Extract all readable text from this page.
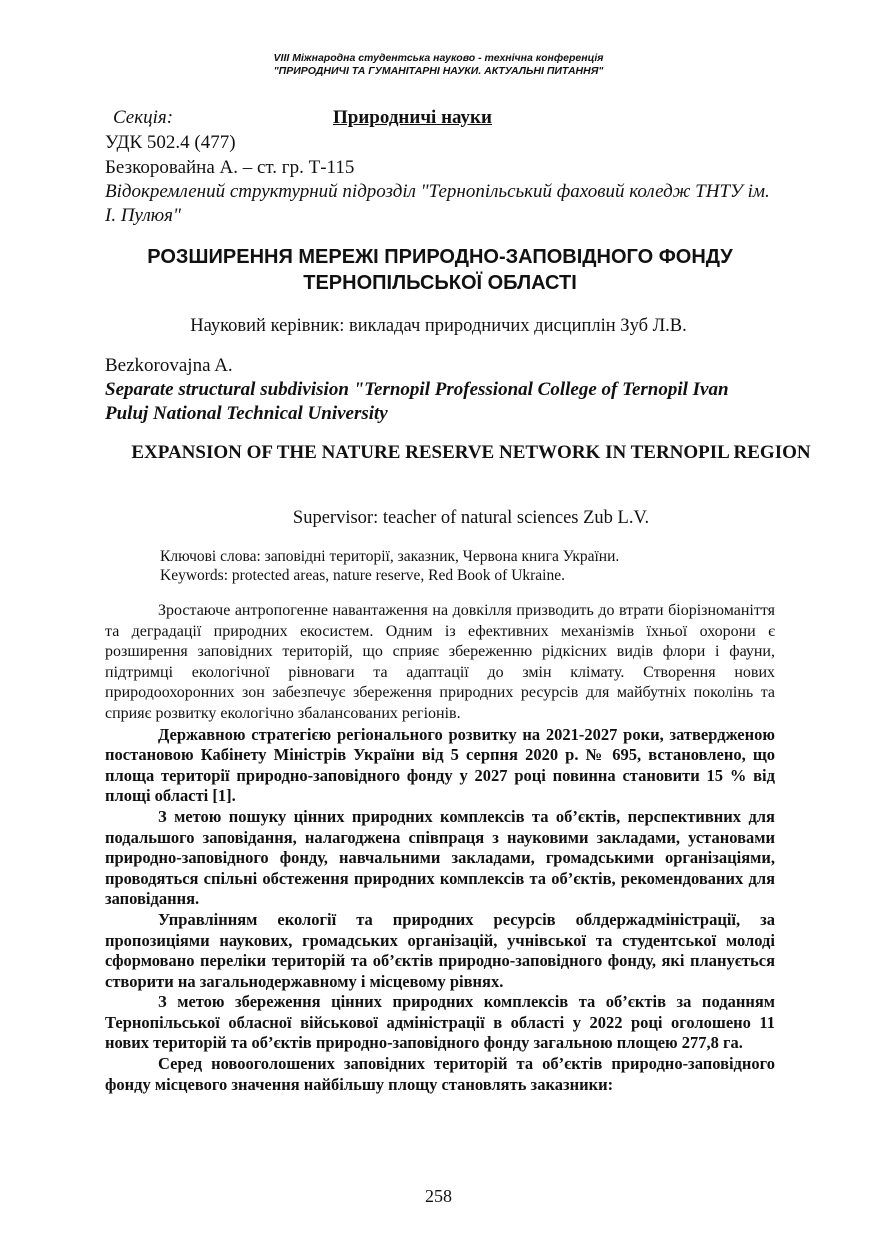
VIII Міжнародна студентська науково - технічна конференція
"ПРИРОДНИЧІ ТА ГУМАНІТАРНІ НАУКИ. АКТУАЛЬНІ ПИТАННЯ"
Секція:	Природничі науки
УДК 502.4 (477)
Безкоровайна А. – ст. гр. Т-115
Відокремлений структурний підрозділ "Тернопільський фаховий коледж ТНТУ ім. І. Пулюя"
РОЗШИРЕННЯ МЕРЕЖІ ПРИРОДНО-ЗАПОВІДНОГО ФОНДУ ТЕРНОПІЛЬСЬКОЇ ОБЛАСТІ
Науковий керівник: викладач природничих дисциплін Зуб Л.В.
Bezkorovajna A.
Separate structural subdivision "Ternopil Professional College of Ternopil Ivan Puluj National Technical University
EXPANSION OF THE NATURE RESERVE NETWORK IN TERNOPIL REGION
Supervisor: teacher of natural sciences Zub L.V.
Ключові слова: заповідні території, заказник, Червона книга України.
Keywords: protected areas, nature reserve, Red Book of Ukraine.

Зростаюче антропогенне навантаження на довкілля призводить до втрати біорізноманіття та деградації природних екосистем. Одним із ефективних механізмів їхньої охорони є розширення заповідних територій, що сприяє збереженню рідкісних видів флори і фауни, підтримці екологічної рівноваги та адаптації до змін клімату. Створення нових природоохоронних зон забезпечує збереження природних ресурсів для майбутніх поколінь та сприяє розвитку екологічно збалансованих регіонів.

Державною стратегією регіонального розвитку на 2021-2027 роки, затвердженою постановою Кабінету Міністрів України від 5 серпня 2020 р. № 695, встановлено, що площа території природно-заповідного фонду у 2027 році повинна становити 15 % від площі області [1].

З метою пошуку цінних природних комплексів та об’єктів, перспективних для подальшого заповідання, налагоджена співпраця з науковими закладами, установами природно-заповідного фонду, навчальними закладами, громадськими організаціями, проводяться спільні обстеження природних комплексів та об’єктів, рекомендованих для заповідання.

Управлінням екології та природних ресурсів облдержадміністрації, за пропозиціями наукових, громадських організацій, учнівської та студентської молоді сформовано переліки територій та об’єктів природно-заповідного фонду, які планується створити на загальнодержавному і місцевому рівнях.

З метою збереження цінних природних комплексів та об’єктів за поданням Тернопільської обласної військової адміністрації в області у 2022 році оголошено 11 нових територій та об’єктів природно-заповідного фонду загальною площею 277,8 га.

Серед новооголошених заповідних територій та об’єктів природно-заповідного фонду місцевого значення найбільшу площу становлять заказники:

258
